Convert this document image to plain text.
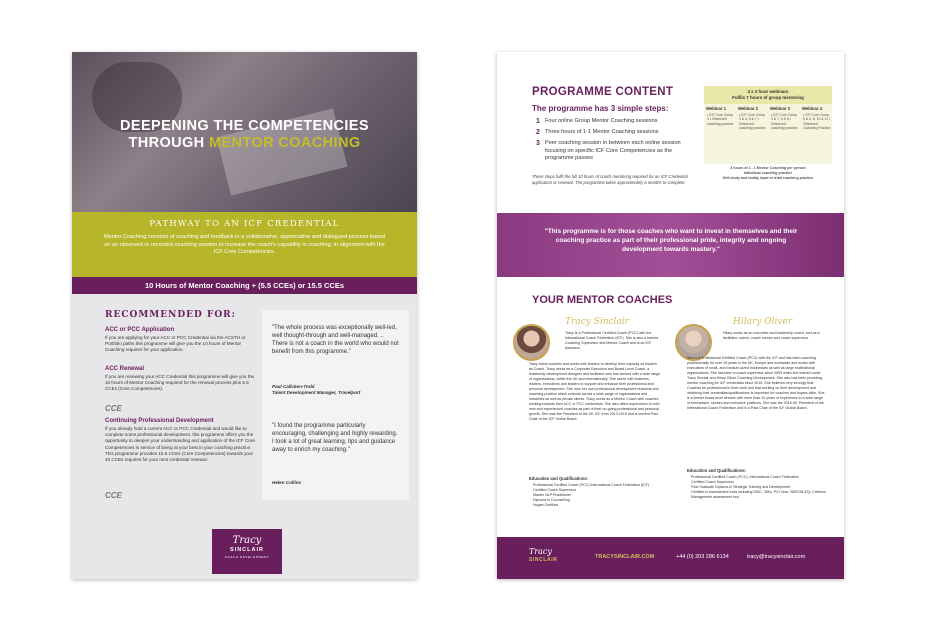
DEEPENING THE COMPETENCIES
THROUGH MENTOR COACHING
PATHWAY TO AN ICF CREDENTIAL
Mentor Coaching consists of coaching and feedback in a collaborative, appreciative and dialogued process based on an observed or recorded coaching session to increase the coach's capability in coaching, in alignment with the ICF Core Competencies.
10 Hours of Mentor Coaching + (5.5 CCEs) or 15.5 CCEs
RECOMMENDED FOR:
ACC or PCC Application
If you are applying for your ACC or PCC Credential via the ACSTH or Portfolio paths this programme will give you the 10 hours of Mentor Coaching requires for your application.
ACC Renewal
If you are renewing your ACC Credential this programme will give you the 10 hours of Mentor Coaching required for the renewal process plus 5.5 CCEs (Core Competencies).
CCE
Continuing Professional Development
If you already hold a current ACC or PCC Credential and would like to complete some professional development, this programme offers you the opportunity to deepen your understanding and application of the ICF Core Competencies in service of being at your best in your coaching practice. This programme provides 15.5 CCEs (Core Competencies) towards your 40 CCEs requires for your next credential renewal.
CCE
"The whole process was exceptionally well-led, well thought-through and well-managed. .. There is not a coach in the world who would not benefit from this programme."
Paul Callcken-Todd
Talent Development Manager, Travelport
"I found the programme particularly encouraging, challenging and highly rewarding. I took a lot of great learning, tips and guidance away to enrich my coaching."
Helen Collins
Tracy
SINCLAIR
COACH DEVELOPMENT
PROGRAMME CONTENT
The programme has 3 simple steps:
1 Four online Group Mentor Coaching sessions
2 Three hours of 1-1 Mentor Coaching sessions
3 Peer coaching session in between each online session focusing on specific ICF Core Competencies as the programme passes
These steps fulfil the full 10 hours of coach mentoring required for an ICF Credential application or renewal. The programme takes approximately 6 months to complete.
4 x 2 hour webinars
Fulfils 7 hours of group mentoring
Webinar 1
• ICF Core Comp. 3 • Observed coaching practice
Webinar 2
• ICF Core Comp. 3 & 4, 5 & 7 • Observed coaching practice
Webinar 3
• ICF Core Comp. 3 & 7, 4 & 8 • Observed coaching practice
Webinar 4
• ICF Core Comp. 5 & 6, 8, 10 & 11 • Observed Coaching Practice
3 hours of 1 - 1 Mentor Coaching per person
Individual coaching practice
Self-study and buddy dyad or triad coaching practice
"This programme is for those coaches who want to invest in themselves and their coaching practice as part of their professional pride, integrity and ongoing development towards mastery."
YOUR MENTOR COACHES
Tracy Sinclair
Tracy is a Professional Certified Coach (PCC) with the International Coach Federation (ICF). She is also a trained Coaching Supervisor and Mentor Coach and is an ICF Assessor.
Tracy trains coaches and works with leaders to develop their capacity as leaders as Coach. Tracy works as a Corporate Executive and Board Level Coach, a leadership development designer and facilitator who has worked with a wide range of organisations, within the UK and internationally. She works with business leaders, executives and leaders to support and enhance their professional and personal development. She runs her own professional development business and coaching practice which extends across a wide range of organisations and industries as well as private clients. Tracy works as a Mentor Coach with coaches working towards their ACC or PCC credentials. She also offers supervision to both new and experienced coaches as part of their on-going professional and personal growth. She was the President of the UK ICF from 2013-2015 and is current Past Chair of the ICF Global Board.
Education and Qualifications:
Professional Certified Coach (PCC) International Coach Federation (ICF)
Certified Coach Supervisor
Master NLP Practitioner
Diploma in Counselling
Hogan Certified
Hilary Oliver
Hilary works as an executive and leadership coach, and as a facilitator, trainer, coach mentor and coach supervisor.
She is a Professional Certified Coach (PCC) with the ICF and has been coaching professionally for over 15 years in the UK, Europe and worldwide and works with executives of small- and medium-sized businesses as well as large multinational organisations. She has been a coach supervisor since 2009 when she trained under Tracy Sinclair and Hilary Oliver Coaching Development. She also has been providing mentor coaching for ICF credentials since 2015. She believes very strongly that Coaches be professional in their work and that working on their development and obtaining their credentials/qualifications is important for coaches and buyers alike. She is a former board-level director with more than 20 years of experience in a wide range of businesses, sectors and executive positions. She was the 2016 UK President of the International Coach Federation and is a Past Chair of the ICF Global Board.
Education and Qualifications:
Professional Certified Coach (PCC), International Coach Federation
Certified Coach Supervisor
Post Graduate Diploma in Strategic Training and Development
Certified in Assessment tools including DISC, 360s, PCI Vesc, BARON-EQi, Criterion Management assessment tool
Tracy
SINCLAIR	TRACYSINCLAIR.COM	+44 (0) 203 286 6134	tracy@tracysinclair.com
